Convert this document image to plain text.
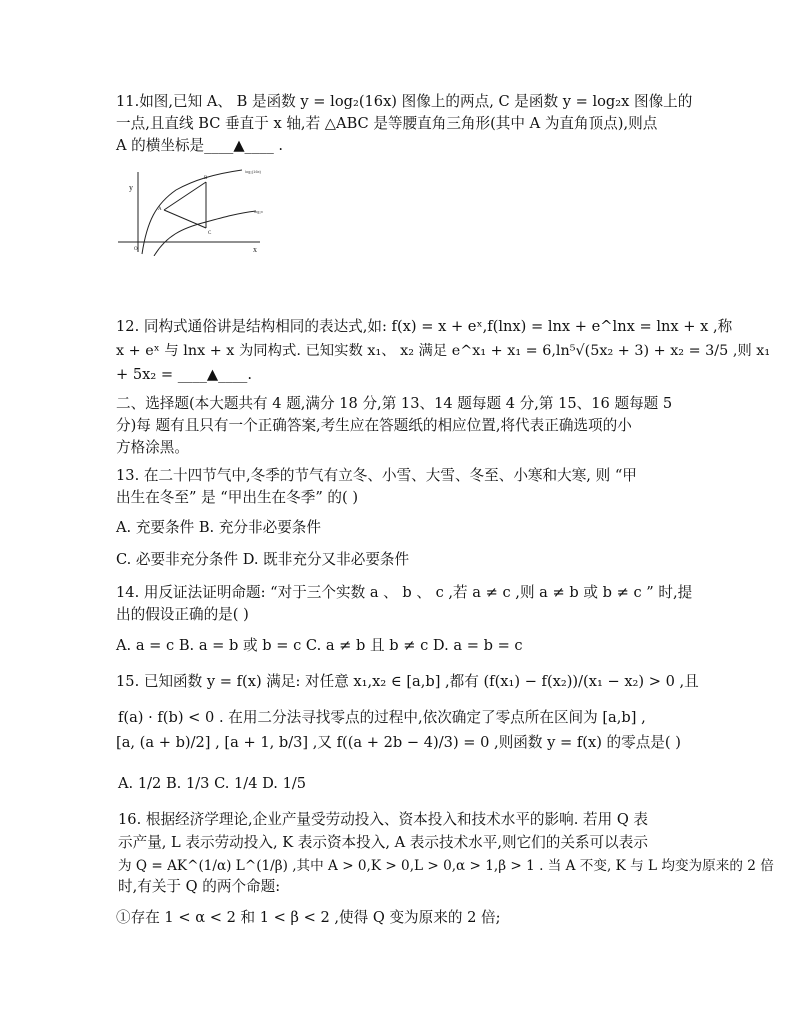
11.如图,已知 A、 B 是函数 y = log₂(16x) 图像上的两点, C 是函数 y = log₂x 图像上的
一点,且直线 BC 垂直于 x 轴,若 △ABC 是等腰直角三角形(其中 A 为直角顶点),则点
A 的横坐标是____▲____ .
y
x
log₂(16x)
log₂x
A
B
C
O
12. 同构式通俗讲是结构相同的表达式,如: f(x) = x + eˣ,f(lnx) = lnx + e^lnx = lnx + x ,称
x + eˣ 与 lnx + x 为同构式. 已知实数 x₁、 x₂ 满足 e^x₁ + x₁ = 6,ln⁵√(5x₂ + 3) + x₂ = 3/5 ,则 x₁
+ 5x₂ = ____▲____.
二、选择题(本大题共有 4 题,满分 18 分,第 13、14 题每题 4 分,第 15、16 题每题 5
分)每 题有且只有一个正确答案,考生应在答题纸的相应位置,将代表正确选项的小
方格涂黑。
13. 在二十四节气中,冬季的节气有立冬、小雪、大雪、冬至、小寒和大寒, 则 “甲
出生在冬至” 是 “甲出生在冬季” 的( )
A. 充要条件 B. 充分非必要条件
C. 必要非充分条件 D. 既非充分又非必要条件
14. 用反证法证明命题: “对于三个实数 a 、 b 、 c ,若 a ≠ c ,则 a ≠ b 或 b ≠ c ” 时,提
出的假设正确的是( )
A. a = c B. a = b 或 b = c C. a ≠ b 且 b ≠ c D. a = b = c
15. 已知函数 y = f(x) 满足: 对任意 x₁,x₂ ∈ [a,b] ,都有 (f(x₁) − f(x₂))/(x₁ − x₂) > 0 ,且
f(a) · f(b) < 0 . 在用二分法寻找零点的过程中,依次确定了零点所在区间为 [a,b] ,
[a, (a + b)/2] , [a + 1, b/3] ,又 f((a + 2b − 4)/3) = 0 ,则函数 y = f(x) 的零点是( )
A. 1/2 B. 1/3 C. 1/4 D. 1/5
16. 根据经济学理论,企业产量受劳动投入、资本投入和技术水平的影响. 若用 Q 表
示产量, L 表示劳动投入, K 表示资本投入, A 表示技术水平,则它们的关系可以表示
为 Q = AK^(1/α) L^(1/β) ,其中 A > 0,K > 0,L > 0,α > 1,β > 1 . 当 A 不变, K 与 L 均变为原来的 2 倍
时,有关于 Q 的两个命题:
①存在 1 < α < 2 和 1 < β < 2 ,使得 Q 变为原来的 2 倍;
